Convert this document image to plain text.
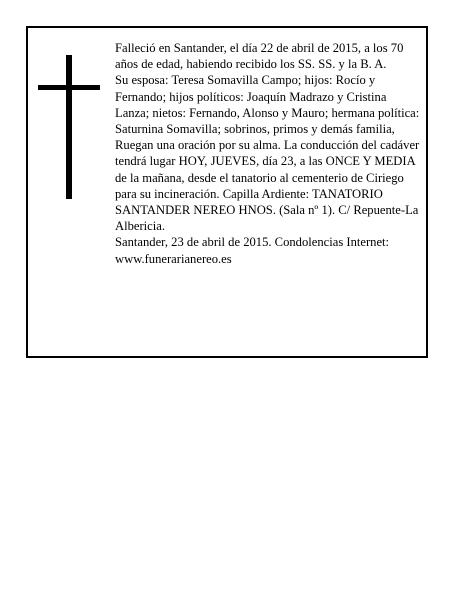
Falleció en Santander, el día 22 de abril de 2015, a los 70 años de edad, habiendo recibido los SS. SS. y la B. A.

Su esposa: Teresa Somavilla Campo; hijos: Rocío y Fernando; hijos políticos: Joaquín Madrazo y Cristina Lanza; nietos: Fernando, Alonso y Mauro; hermana política: Saturnina Somavilla; sobrinos, primos y demás familia,

Ruegan una oración por su alma. La conducción del cadáver tendrá lugar HOY, JUEVES, día 23, a las ONCE Y MEDIA de la mañana, desde el tanatorio al cementerio de Ciriego para su incineración. Capilla Ardiente: TANATORIO SANTANDER NEREO HNOS. (Sala nº 1). C/ Repuente-La Albericia.

Santander, 23 de abril de 2015. Condolencias Internet: www.funerarianereo.es
